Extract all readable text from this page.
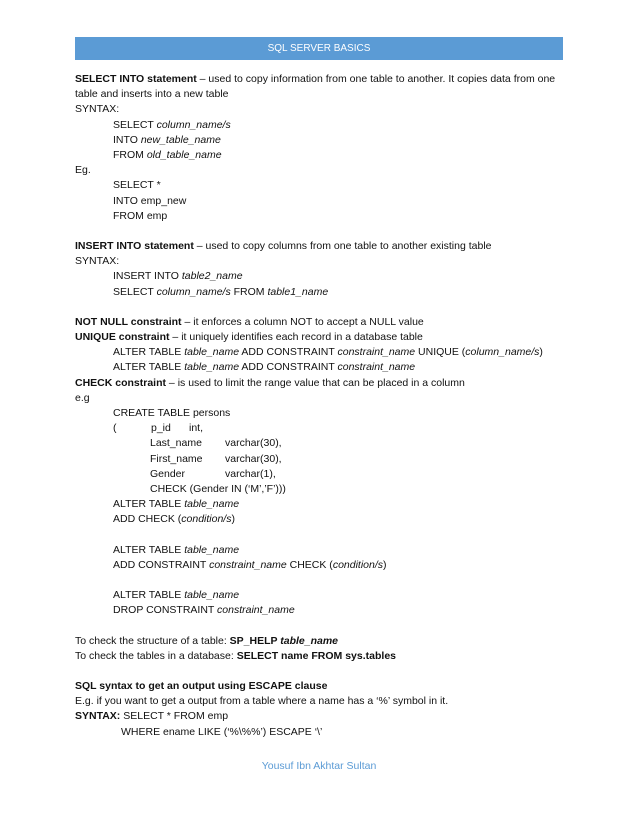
SQL SERVER BASICS
SELECT INTO statement – used to copy information from one table to another. It copies data from one
table and inserts into a new table
SYNTAX:
SELECT column_name/s
INTO new_table_name
FROM old_table_name
Eg.
SELECT *
INTO emp_new
FROM emp
INSERT INTO statement – used to copy columns from one table to another existing table
SYNTAX:
INSERT INTO table2_name
SELECT column_name/s FROM table1_name
NOT NULL constraint – it enforces a column NOT to accept a NULL value
UNIQUE constraint – it uniquely identifies each record in a database table
ALTER TABLE table_name ADD CONSTRAINT constraint_name UNIQUE (column_name/s)
ALTER TABLE table_name ADD CONSTRAINT constraint_name
CHECK constraint – is used to limit the range value that can be placed in a column
e.g
CREATE TABLE persons
(	p_id int,
Last_name varchar(30),
First_name varchar(30),
Gender	varchar(1),
CHECK (Gender IN (‘M’,’F’)))
ALTER TABLE table_name
ADD CHECK (condition/s)
ALTER TABLE table_name
ADD CONSTRAINT constraint_name CHECK (condition/s)
ALTER TABLE table_name
DROP CONSTRAINT constraint_name
To check the structure of a table: SP_HELP table_name
To check the tables in a database: SELECT name FROM sys.tables
SQL syntax to get an output using ESCAPE clause
E.g. if you want to get a output from a table where a name has a ‘%’ symbol in it.
SYNTAX: SELECT * FROM emp
WHERE ename LIKE (‘%\%%’) ESCAPE ‘\’
Yousuf Ibn Akhtar Sultan
